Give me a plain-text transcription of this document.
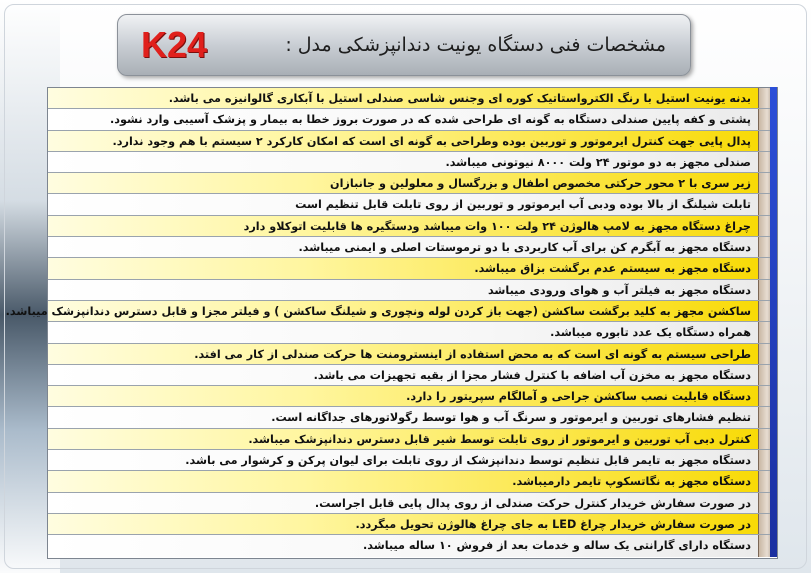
K24	مشخصات فنی دستگاه یونیت دندانپزشکی مدل :
بدنه یونیت استیل با رنگ الکترواستاتیک کوره ای وجنس شاسی صندلی استیل با آبکاری گالوانیزه می باشد.
پشتی و کفه پایین صندلی دستگاه به گونه ای طراحی شده که در صورت بروز خطا به بیمار و پزشک آسیبی وارد نشود.
پدال پایی جهت کنترل ایرموتور و توربین بوده وطراحی به گونه ای است که امکان کارکرد ۲ سیستم با هم وجود ندارد.
صندلی مجهز به دو موتور ۲۴ ولت ۸۰۰۰ نیوتونی میباشد.
زیر سری با ۲ محور حرکتی مخصوص اطفال و بزرگسال و معلولین و جانبازان
تابلت شیلنگ از بالا بوده ودبی آب ایرموتور و توربین از روی تابلت قابل تنظیم است
چراغ دستگاه مجهز به لامپ هالوژن ۲۴ ولت ۱۰۰ وات میباشد ودستگیره ها قابلیت اتوکلاو دارد
دستگاه مجهز به آبگرم کن برای آب کاربردی با دو ترموستات اصلی و ایمنی میباشد.
دستگاه مجهز به سیستم عدم برگشت بزاق میباشد.
دستگاه مجهز به فیلتر آب و هوای ورودی میباشد
ساکشن مجهز به کلید برگشت ساکشن (جهت باز کردن لوله ونچوری و شیلنگ ساکشن ) و فیلتر مجزا و قابل دسترس دندانپزشک میباشد.
همراه دستگاه یک عدد تابوره میباشد.
طراحی سیستم به گونه ای است که به محض استفاده از اینسترومنت ها حرکت صندلی از کار می افتد.
دستگاه مجهز به مخزن آب اضافه با کنترل فشار مجزا از بقیه تجهیزات می باشد.
دستگاه قابلیت نصب ساکشن جراحی و آمالگام سپریتور را دارد.
تنظیم فشارهای توربین و ایرموتور و سرنگ آب و هوا توسط رگولاتورهای جداگانه است.
کنترل دبی آب توربین و ایرموتور از روی تابلت توسط شیر قابل دسترس دندانپزشک میباشد.
دستگاه مجهز به تایمر قابل تنظیم توسط دندانپزشک از روی تابلت برای لیوان پرکن و کرشوار می باشد.
دستگاه مجهز به نگاتسکوپ تایمر دارمیباشد.
در صورت سفارش خریدار کنترل حرکت صندلی از روی پدال پایی قابل اجراست.
در صورت سفارش خریدار چراغ LED به جای چراغ هالوژن تحویل میگردد.
دستگاه دارای گارانتی یک ساله و خدمات بعد از فروش ۱۰ ساله میباشد.
